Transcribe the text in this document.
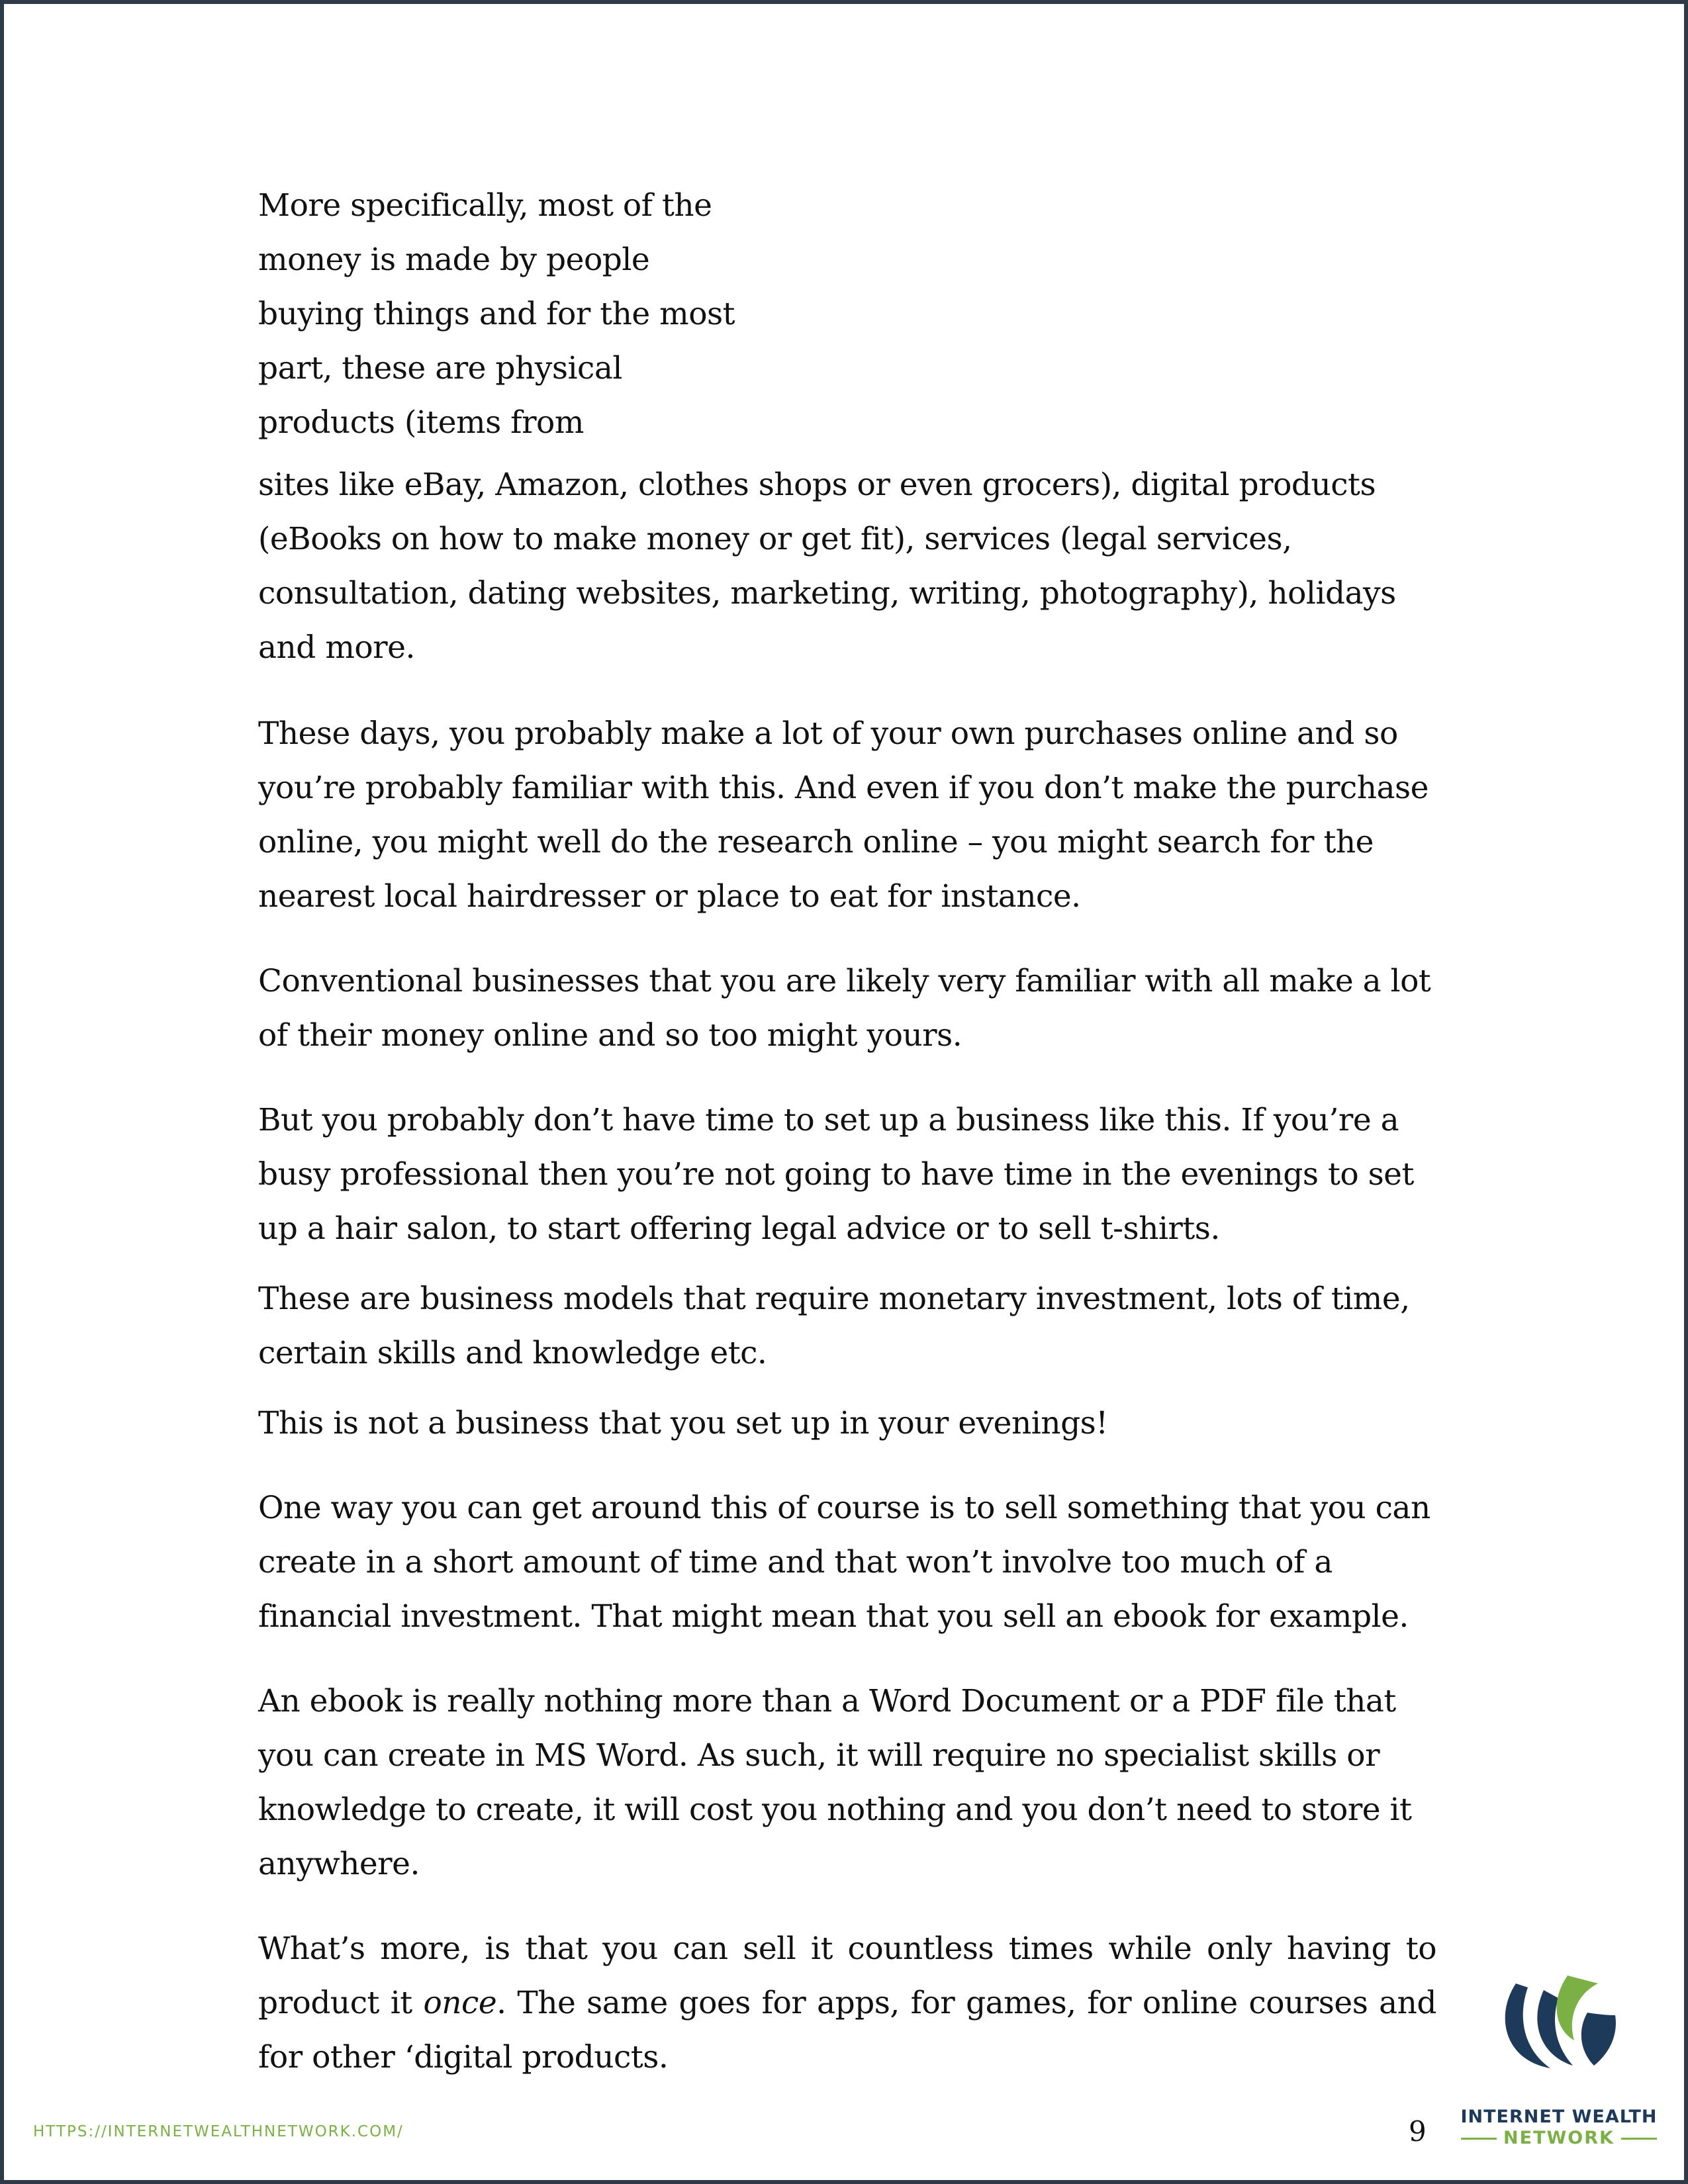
More specifically, most of the
money is made by people
buying things and for the most
part, these are physical
products (items from

sites like eBay, Amazon, clothes shops or even grocers), digital products (eBooks on how to make money or get fit), services (legal services, consultation, dating websites, marketing, writing, photography), holidays and more.

These days, you probably make a lot of your own purchases online and so you’re probably familiar with this. And even if you don’t make the purchase online, you might well do the research online – you might search for the nearest local hairdresser or place to eat for instance.

Conventional businesses that you are likely very familiar with all make a lot of their money online and so too might yours.

But you probably don’t have time to set up a business like this. If you’re a busy professional then you’re not going to have time in the evenings to set up a hair salon, to start offering legal advice or to sell t-shirts.

These are business models that require monetary investment, lots of time, certain skills and knowledge etc.

This is not a business that you set up in your evenings!

One way you can get around this of course is to sell something that you can create in a short amount of time and that won’t involve too much of a financial investment. That might mean that you sell an ebook for example.

An ebook is really nothing more than a Word Document or a PDF file that you can create in MS Word. As such, it will require no specialist skills or knowledge to create, it will cost you nothing and you don’t need to store it anywhere.

What’s more, is that you can sell it countless times while only having to product it once. The same goes for apps, for games, for online courses and for other ‘digital products.

HTTPS://INTERNETWEALTHNETWORK.COM/	9	INTERNET WEALTH
NETWORK
